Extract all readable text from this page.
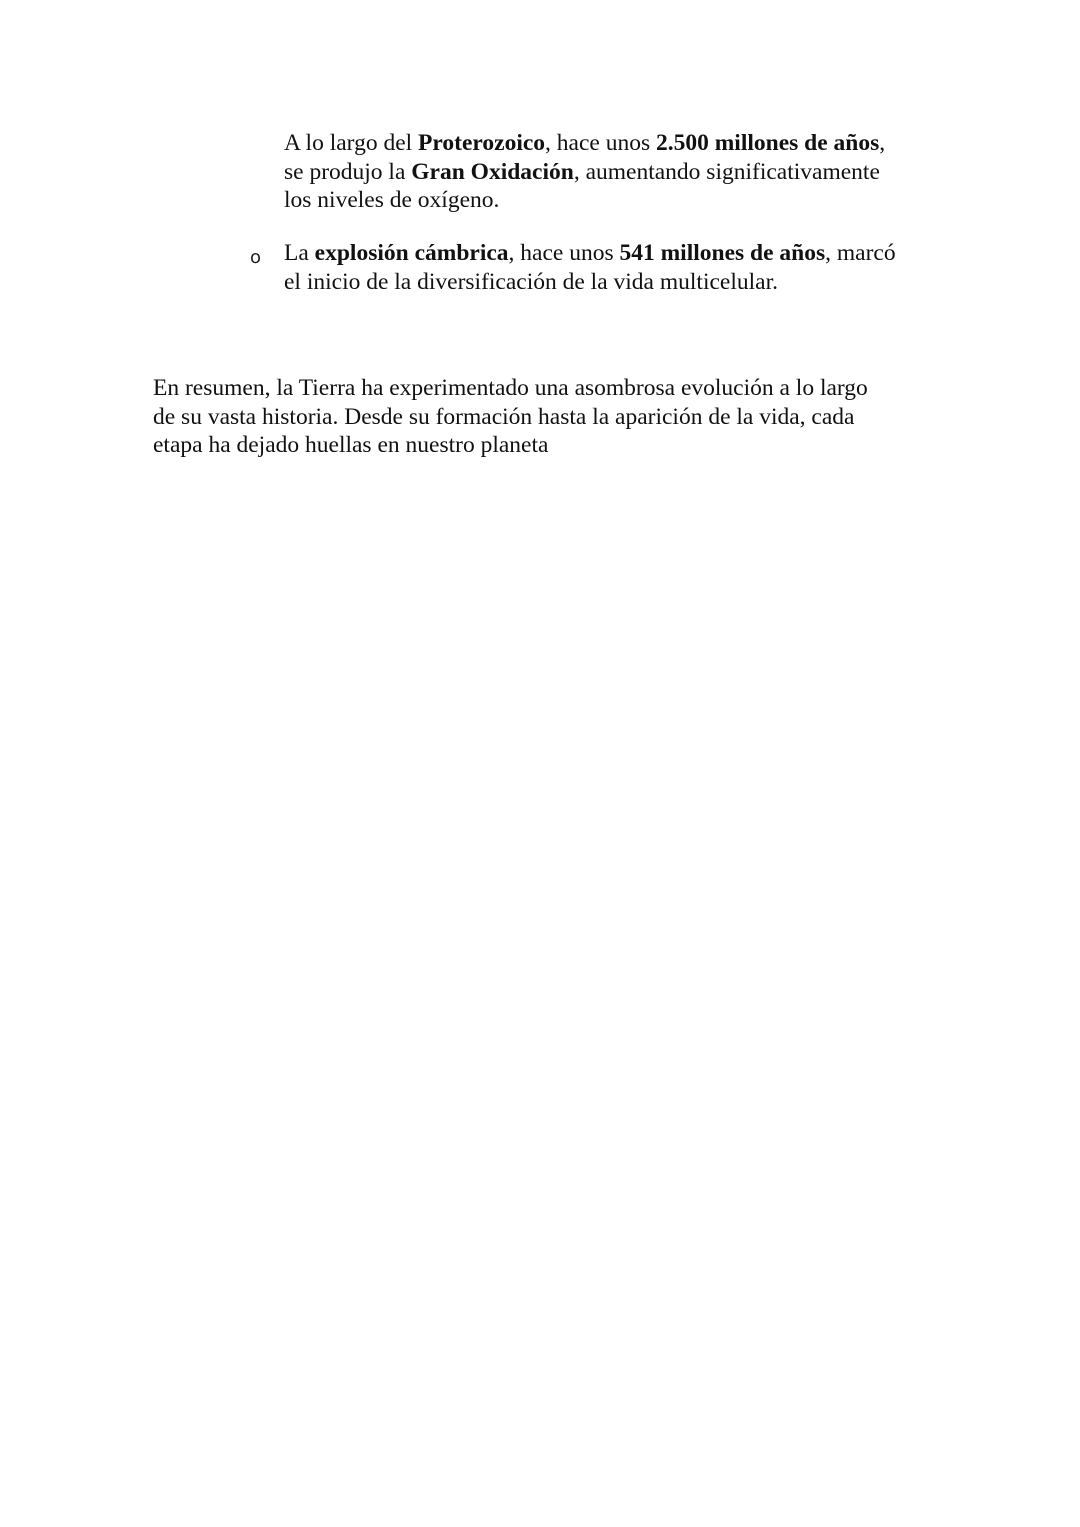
A lo largo del Proterozoico, hace unos 2.500 millones de años,
se produjo la Gran Oxidación, aumentando significativamente
los niveles de oxígeno.

o La explosión cámbrica, hace unos 541 millones de años, marcó
el inicio de la diversificación de la vida multicelular.

En resumen, la Tierra ha experimentado una asombrosa evolución a lo largo
de su vasta historia. Desde su formación hasta la aparición de la vida, cada
etapa ha dejado huellas en nuestro planeta
